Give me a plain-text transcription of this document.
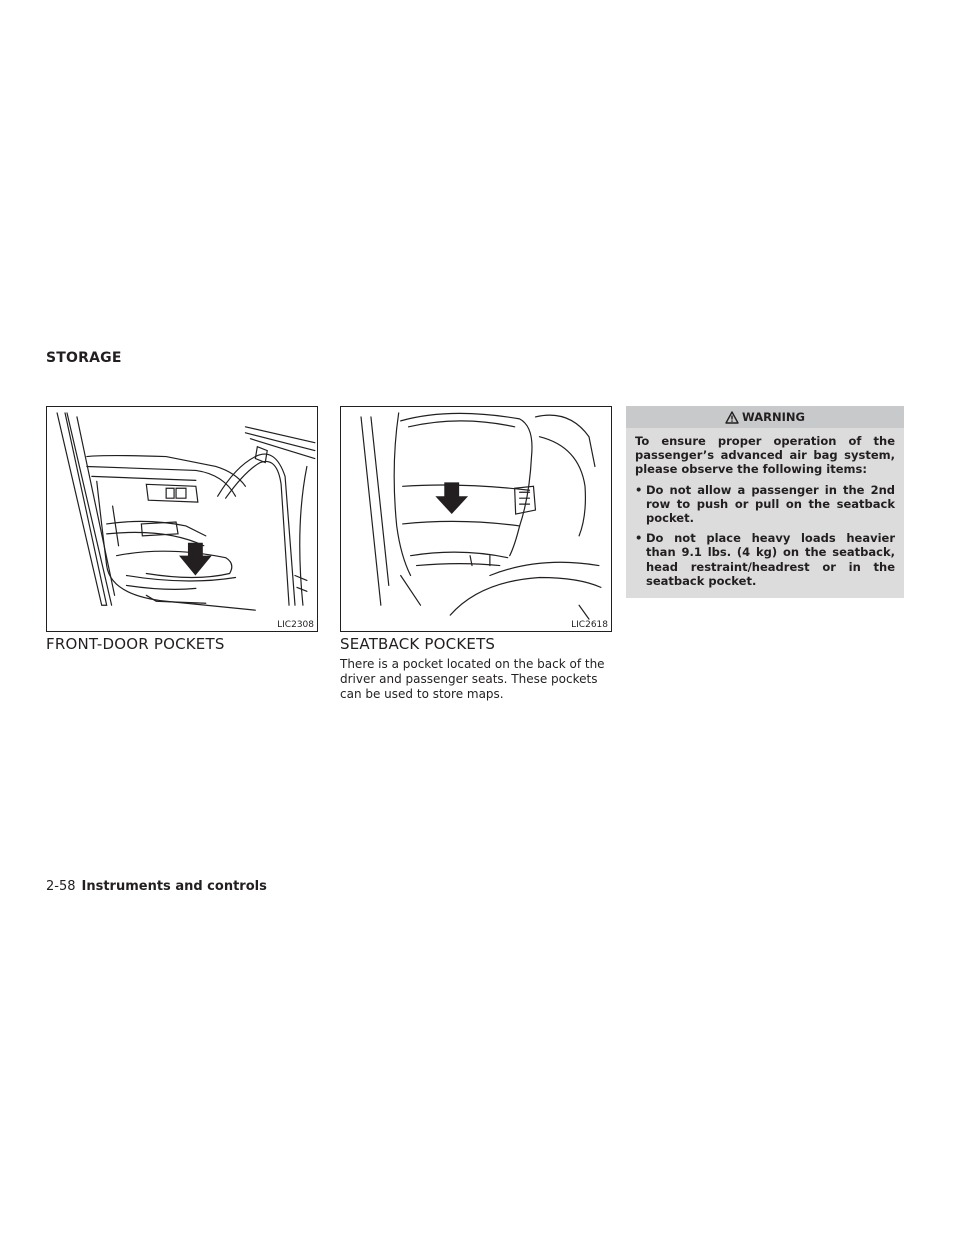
STORAGE
LIC2308
FRONT-DOOR POCKETS
LIC2618
SEATBACK POCKETS
There is a pocket located on the back of the driver and passenger seats. These pockets can be used to store maps.
WARNING

To ensure proper operation of the passenger’s advanced air bag system, please observe the following items:

• Do not allow a passenger in the 2nd row to push or pull on the seatback pocket.
• Do not place heavy loads heavier than 9.1 lbs. (4 kg) on the seatback, head restraint/headrest or in the seatback pocket.
2-58 Instruments and controls
